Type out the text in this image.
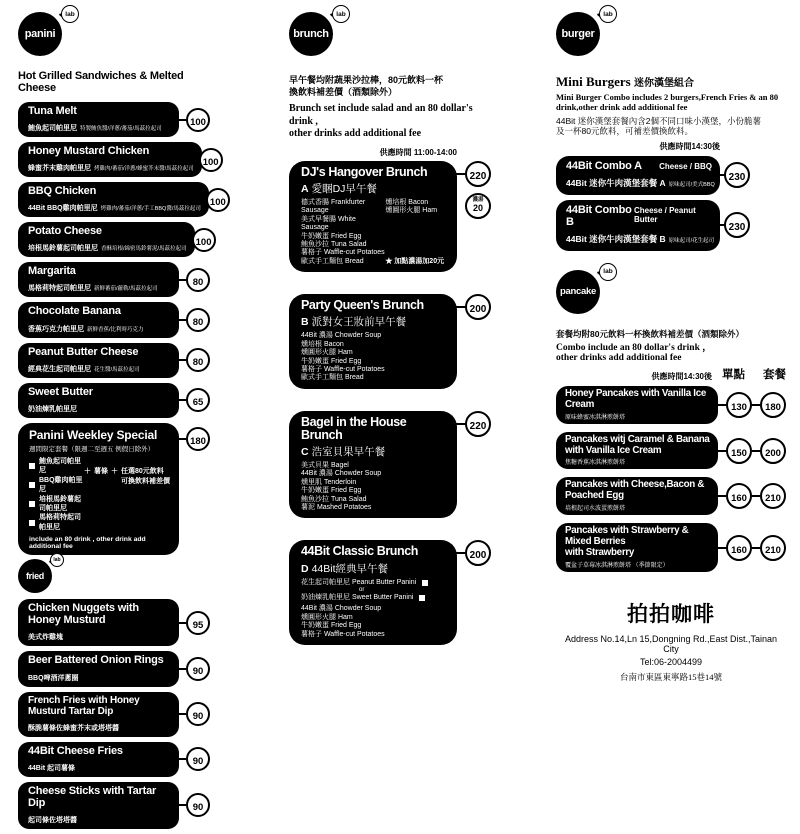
panini
lab
Hot Grilled Sandwiches & Melted Cheese
Tuna Melt
鮪魚起司帕里尼 特製鮪魚醬/洋蔥/蕃茄/馬茲拉起司
100
Honey Mustard Chicken
蜂蜜芥末雞肉帕里尼 烤雞肉/蕃茄/洋蔥/蜂蜜芥末醬/馬茲拉起司
100
BBQ Chicken
44Bit BBQ雞肉帕里尼 烤雞肉/蕃茄/洋蔥/手工BBQ醬/馬茲拉起司
100
Potato Cheese
培根馬鈴薯起司帕里尼 香酥培根/綿密馬鈴薯泥/馬茲拉起司
100
Margarita
馬格莉特起司帕里尼 新鮮蕃茄/蘿勒/馬茲拉起司
80
Chocolate Banana
香蕉巧克力帕里尼 新鮮香蕉/比利時巧克力
80
Peanut Butter Cheese
經典花生起司帕里尼 花生醬/馬茲拉起司
80
Sweet Butter
奶油煉乳帕里尼
65
Panini Weekley Special
週間限定套餐（限週二至週五 例假日除外）
鮪魚起司帕里尼
BBQ雞肉帕里尼
培根馬鈴薯起司帕里尼
馬格莉特起司帕里尼
＋ 薯條 ＋ 任選80元飲料
可換飲料補差價
include an 80 drink , other drink add additional fee
180
fried
lab
Chicken Nuggets with Honey Musturd
美式炸雞塊
95
Beer Battered Onion Rings
BBQ啤酒洋蔥圈
90
French Fries with Honey Musturd Tartar Dip
酥脆薯條佐蜂蜜芥末或塔塔醬
90
44Bit Cheese Fries
44Bit 起司薯條
90
Cheese Sticks with Tartar Dip
起司條佐塔塔醬
90
brunch
lab
早午餐均附蔬果沙拉棒，80元飲料一杯
換飲料補差價（酒類除外）
Brunch set include salad and an 80 dollar's drink ,
other drinks add additional fee
供應時間 11:00-14:00
DJ's Hangover Brunch
A 愛睏DJ早午餐
德式香腸 Frankfurter Sausage
美式早餐腸 White Sausage
牛奶嫩蛋 Fried Egg
鮪魚沙拉 Tuna Salad
薯格子 Waffle-cut Potatoes
歐式手工麵包 Bread
燻培根 Bacon
燻圓形火腿 Ham
★ 加點濃湯加20元
220
濃湯
20
Party Queen's Brunch
B 派對女王妝前早午餐
44Bit 濃湯 Chowder Soup
燻培根 Bacon
燻圓形火腿 Ham
牛奶嫩蛋 Fried Egg
薯格子 Waffle-cut Potatoes
歐式手工麵包 Bread
200
Bagel in the House Brunch
C 浩室貝果早午餐
美式貝果 Bagel
44Bit 濃湯 Chowder Soup
燻里肌 Tenderloin
牛奶嫩蛋 Fried Egg
鮪魚沙拉 Tuna Salad
薯泥 Mashed Potatoes
220
44Bit Classic Brunch
D 44Bit經典早午餐
花生起司帕里尼 Peanut Butter Panini
or
奶油煉乳帕里尼 Sweet Butter Panini
44Bit 濃湯 Chowder Soup
燻圓形火腿 Ham
牛奶嫩蛋 Fried Egg
薯格子 Waffle-cut Potatoes
200
burger
lab
Mini Burgers 迷你漢堡組合
Mini Burger Combo includes 2 burgers,French Fries & an 80
drink,other drink add additional fee
44Bit 迷你漢堡套餐內含2個不同口味小漢堡，小份脆薯
及一杯80元飲料，可補差價換飲料。
供應時間14:30後
44Bit Combo A Cheese / BBQ
44Bit 迷你牛肉漢堡套餐 A 原味起司/美式BBQ
230
44Bit Combo B
Cheese / Peanut Butter
44Bit 迷你牛肉漢堡套餐 B 原味起司/花生起司
230
pancake
lab
套餐均附80元飲料一杯換飲料補差價（酒類除外）
Combo include an 80 dollar's drink ，
other drinks add additional fee
供應時間14:30後 單點 套餐
Honey Pancakes with Vanilla Ice Cream
原味蜂蜜冰淇淋煎餅塔
130	180
Pancakes witj Caramel & Banana
with Vanilla Ice Cream
焦糖香蕉冰淇淋煎餅塔
150	200
Pancakes with Cheese,Bacon & Poached Egg
培根起司水波蛋煎餅塔
160	210
Pancakes with Strawberry & Mixed Berries
with Strawberry
覆盆子草莓冰淇淋煎餅塔 （季節限定）
160	210
拍拍咖啡
Address No.14,Ln 15,Dongning Rd.,East Dist.,Tainan City
Tel:06-2004499
台南市東區東寧路15巷14號
